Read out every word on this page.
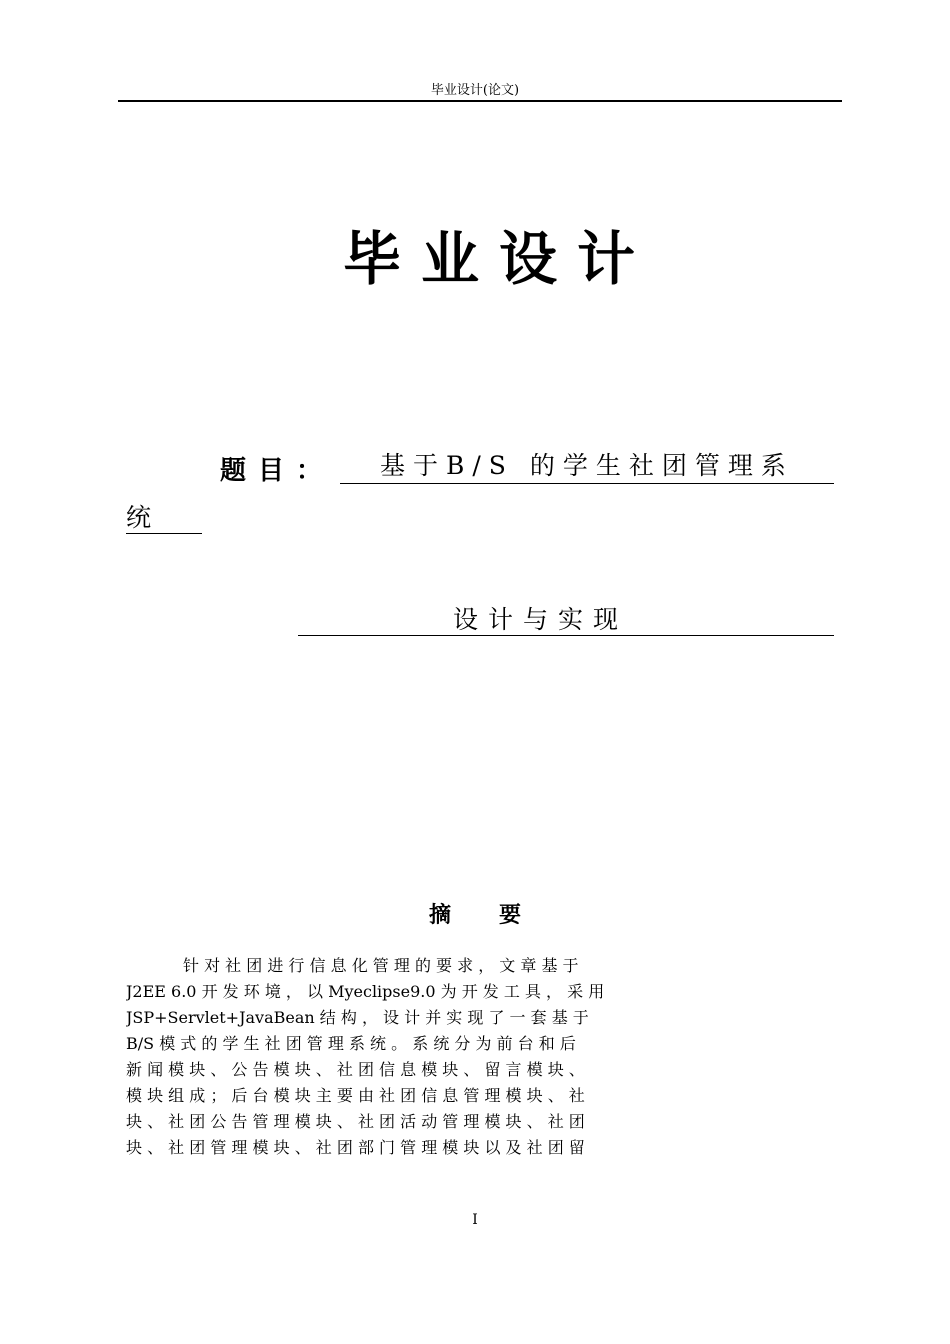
毕业设计(论文)
毕业设计
题目：	基于B/S 的学生社团管理系
统
设计与实现
摘要
针 对 社 团 进 行 信 息 化 管 理 的 要 求 ， 文 章 基 于
J2EE 6.0 开 发 环 境 ， 以 Myeclipse9.0 为 开 发 工 具 ， 采 用
JSP+Servlet+JavaBean 结 构 ， 设 计 并 实 现 了 一 套 基 于
B/S 模 式 的 学 生 社 团 管 理 系 统 。 系 统 分 为 前 台 和 后
新 闻 模 块 、 公 告 模 块 、 社 团 信 息 模 块 、 留 言 模 块 、
模 块 组 成 ； 后 台 模 块 主 要 由 社 团 信 息 管 理 模 块 、 社
块 、 社 团 公 告 管 理 模 块 、 社 团 活 动 管 理 模 块 、 社 团
块 、 社 团 管 理 模 块 、 社 团 部 门 管 理 模 块 以 及 社 团 留
I
